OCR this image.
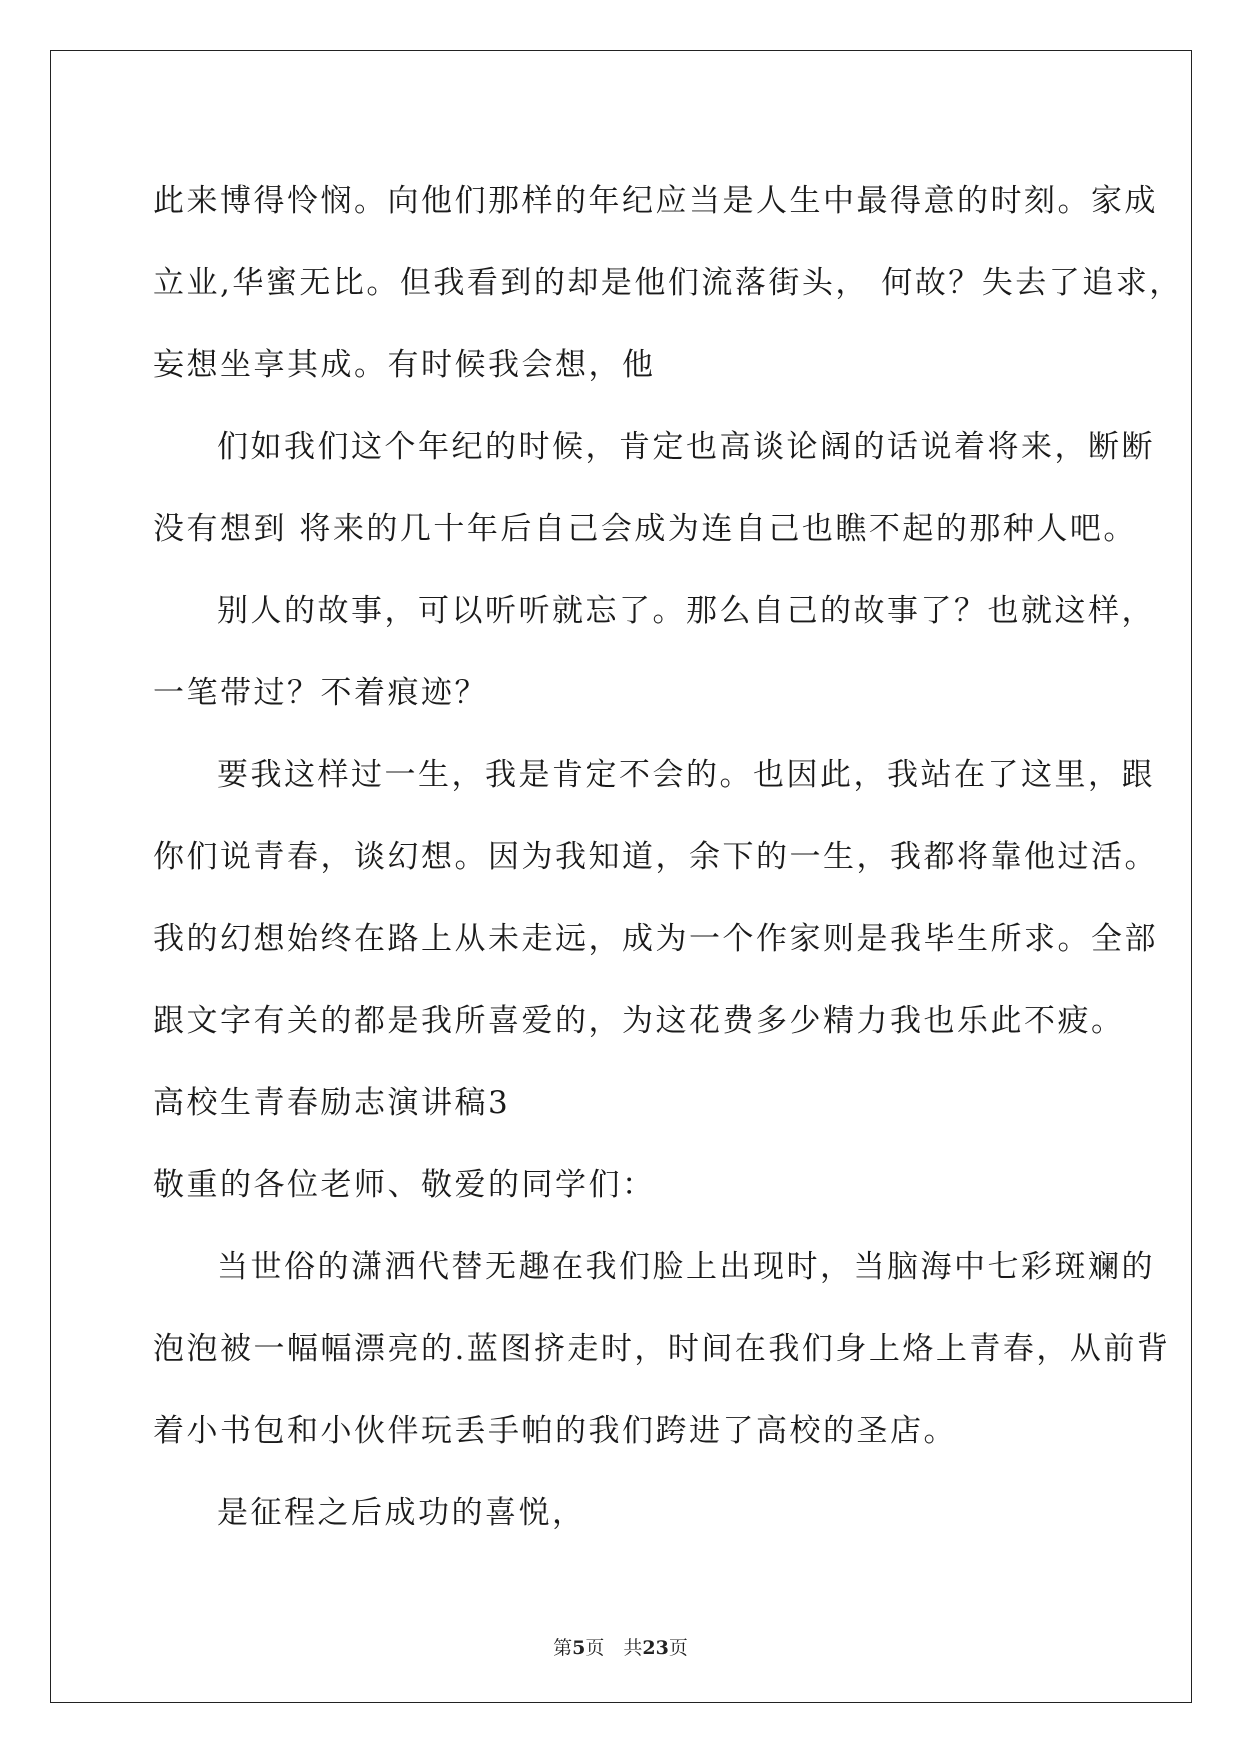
此来博得怜悯。向他们那样的年纪应当是人生中最得意的时刻。家成
立业,华蜜无比。但我看到的却是他们流落街头， 何故？失去了追求，
妄想坐享其成。有时候我会想，他
们如我们这个年纪的时候，肯定也高谈论阔的话说着将来，断断
没有想到 将来的几十年后自己会成为连自己也瞧不起的那种人吧。
别人的故事，可以听听就忘了。那么自己的故事了？也就这样，
一笔带过？不着痕迹？
要我这样过一生，我是肯定不会的。也因此，我站在了这里，跟
你们说青春，谈幻想。因为我知道，余下的一生，我都将靠他过活。
我的幻想始终在路上从未走远，成为一个作家则是我毕生所求。全部
跟文字有关的都是我所喜爱的，为这花费多少精力我也乐此不疲。
高校生青春励志演讲稿3
敬重的各位老师、敬爱的同学们：
当世俗的潇洒代替无趣在我们脸上出现时，当脑海中七彩斑斓的
泡泡被一幅幅漂亮的.蓝图挤走时，时间在我们身上烙上青春，从前背
着小书包和小伙伴玩丢手帕的我们跨进了高校的圣店。
是征程之后成功的喜悦，
第5页　共23页
